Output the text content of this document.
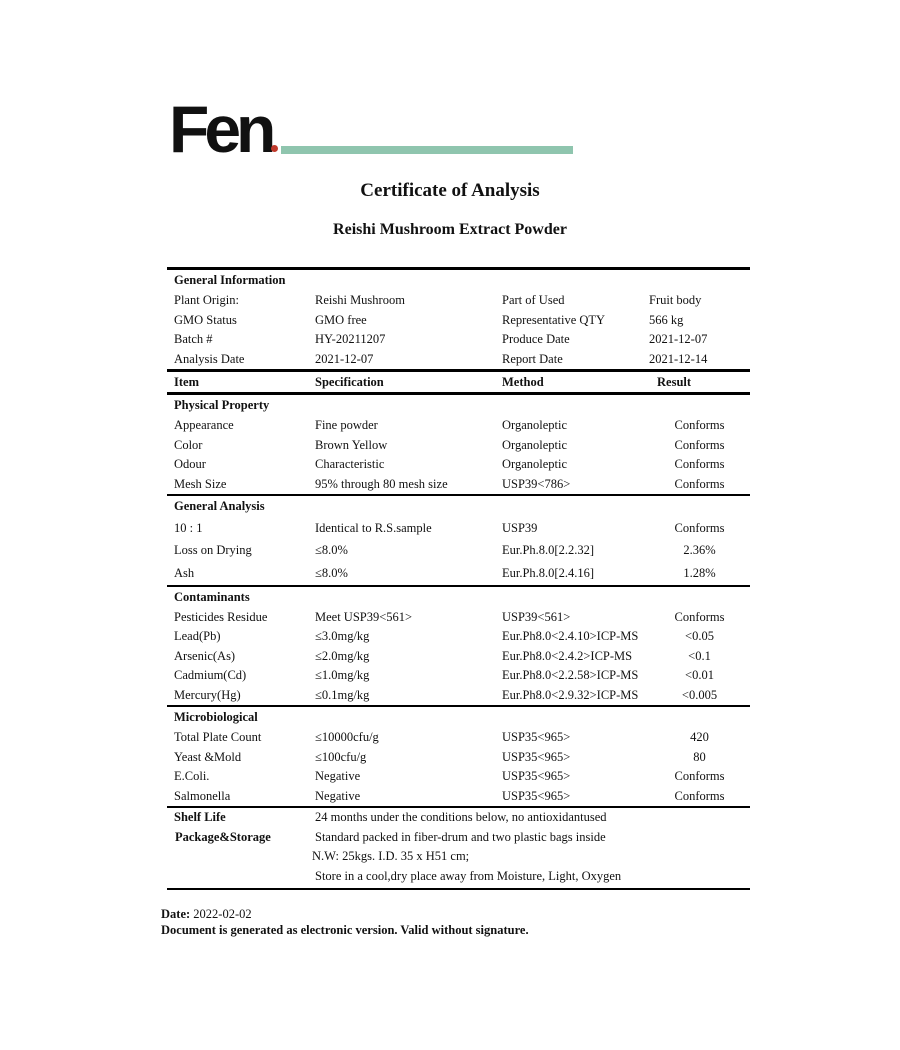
Fen
Certificate of Analysis
Reishi Mushroom Extract Powder
General Information
Plant Origin:	Reishi Mushroom	Part of Used	Fruit body
GMO Status	GMO free	Representative QTY	566 kg
Batch #	HY-20211207	Produce Date	2021-12-07
Analysis Date	2021-12-07	Report Date	2021-12-14
Item	Specification	Method	Result
Physical Property
Appearance	Fine powder	Organoleptic	Conforms
Color	Brown Yellow	Organoleptic	Conforms
Odour	Characteristic	Organoleptic	Conforms
Mesh Size	95% through 80 mesh size	USP39<786>	Conforms
General Analysis
10 : 1	Identical to R.S.sample	USP39	Conforms
Loss on Drying	≤8.0%	Eur.Ph.8.0[2.2.32]	2.36%
Ash	≤8.0%	Eur.Ph.8.0[2.4.16]	1.28%
Contaminants
Pesticides Residue	Meet USP39<561>	USP39<561>	Conforms
Lead(Pb)	≤3.0mg/kg	Eur.Ph8.0<2.4.10>ICP-MS	<0.05
Arsenic(As)	≤2.0mg/kg	Eur.Ph8.0<2.4.2>ICP-MS	<0.1
Cadmium(Cd)	≤1.0mg/kg	Eur.Ph8.0<2.2.58>ICP-MS	<0.01
Mercury(Hg)	≤0.1mg/kg	Eur.Ph8.0<2.9.32>ICP-MS	<0.005
Microbiological
Total Plate Count	≤10000cfu/g	USP35<965>	420
Yeast &Mold	≤100cfu/g	USP35<965>	80
E.Coli.	Negative	USP35<965>	Conforms
Salmonella	Negative	USP35<965>	Conforms
Shelf Life	24 months under the conditions below, no antioxidantused
Package&Storage	Standard packed in fiber-drum and two plastic bags inside
N.W: 25kgs. I.D. 35 x H51 cm;
Store in a cool,dry place away from Moisture, Light, Oxygen
Date: 2022-02-02
Document is generated as electronic version. Valid without signature.
